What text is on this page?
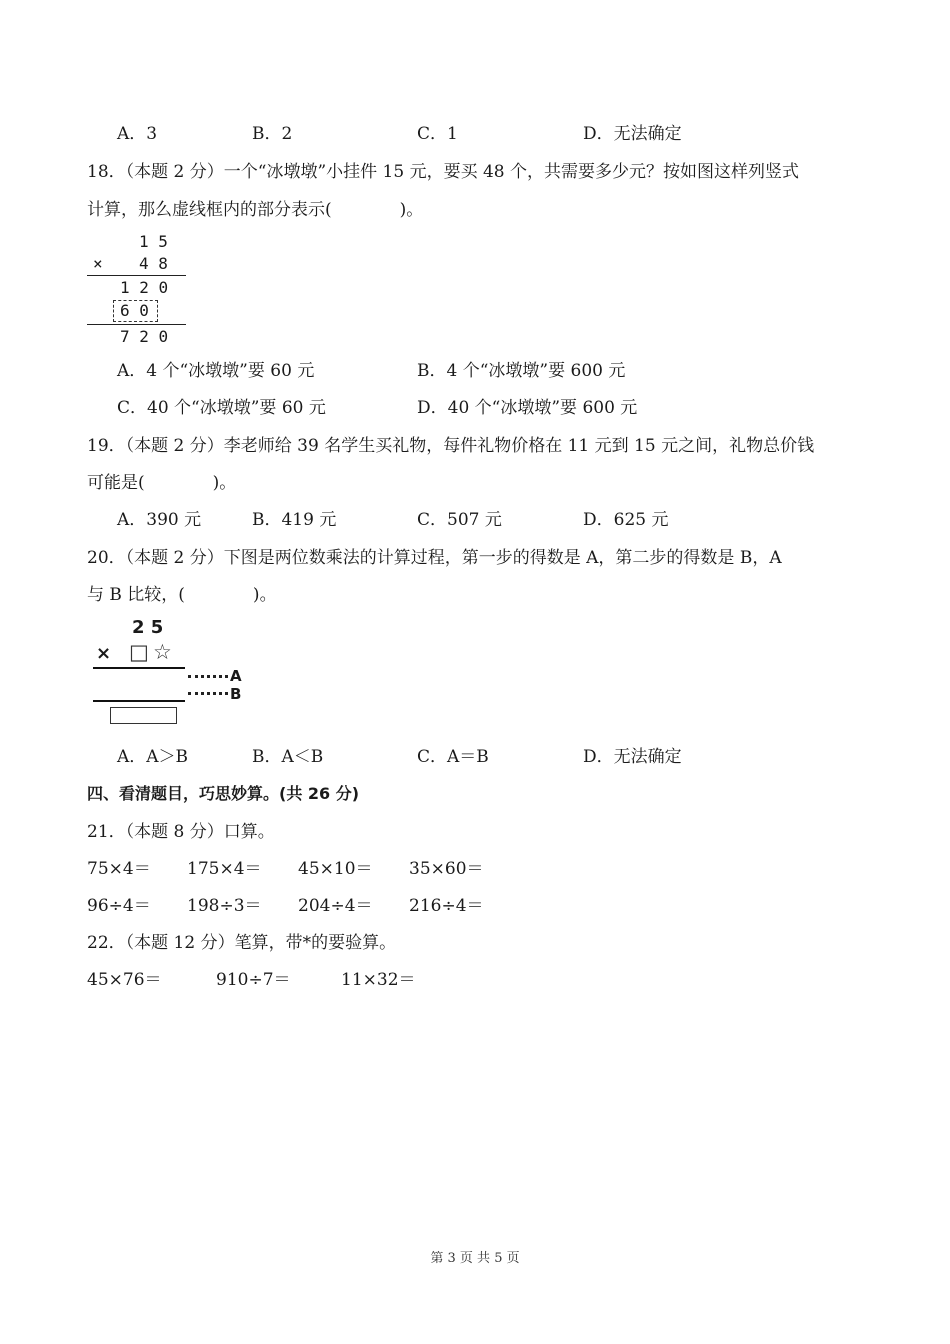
A．3	B．2	C．1	D．无法确定
18．（本题 2 分）一个“冰墩墩”小挂件 15 元，要买 48 个，共需要多少元？按如图这样列竖式
计算，那么虚线框内的部分表示(　　　　)。
1 5
× 4 8
1 2 0
6 0
7 2 0
A．4 个“冰墩墩”要 60 元	B．4 个“冰墩墩”要 600 元
C．40 个“冰墩墩”要 60 元	D．40 个“冰墩墩”要 600 元
19．（本题 2 分）李老师给 39 名学生买礼物，每件礼物价格在 11 元到 15 元之间，礼物总价钱
可能是(　　　　)。
A．390 元	B．419 元	C．507 元	D．625 元
20．（本题 2 分）下图是两位数乘法的计算过程，第一步的得数是 A，第二步的得数是 B，A
与 B 比较，(　　　　)。
2 5
× □ ☆
A
B
A．A＞B	B．A＜B	C．A＝B	D．无法确定
四、看清题目，巧思妙算。(共 26 分)
21．（本题 8 分）口算。
75×4＝ 175×4＝ 45×10＝ 35×60＝
96÷4＝ 198÷3＝ 204÷4＝ 216÷4＝
22．（本题 12 分）笔算，带*的要验算。
45×76＝	910÷7＝	11×32＝
第 3 页 共 5 页
